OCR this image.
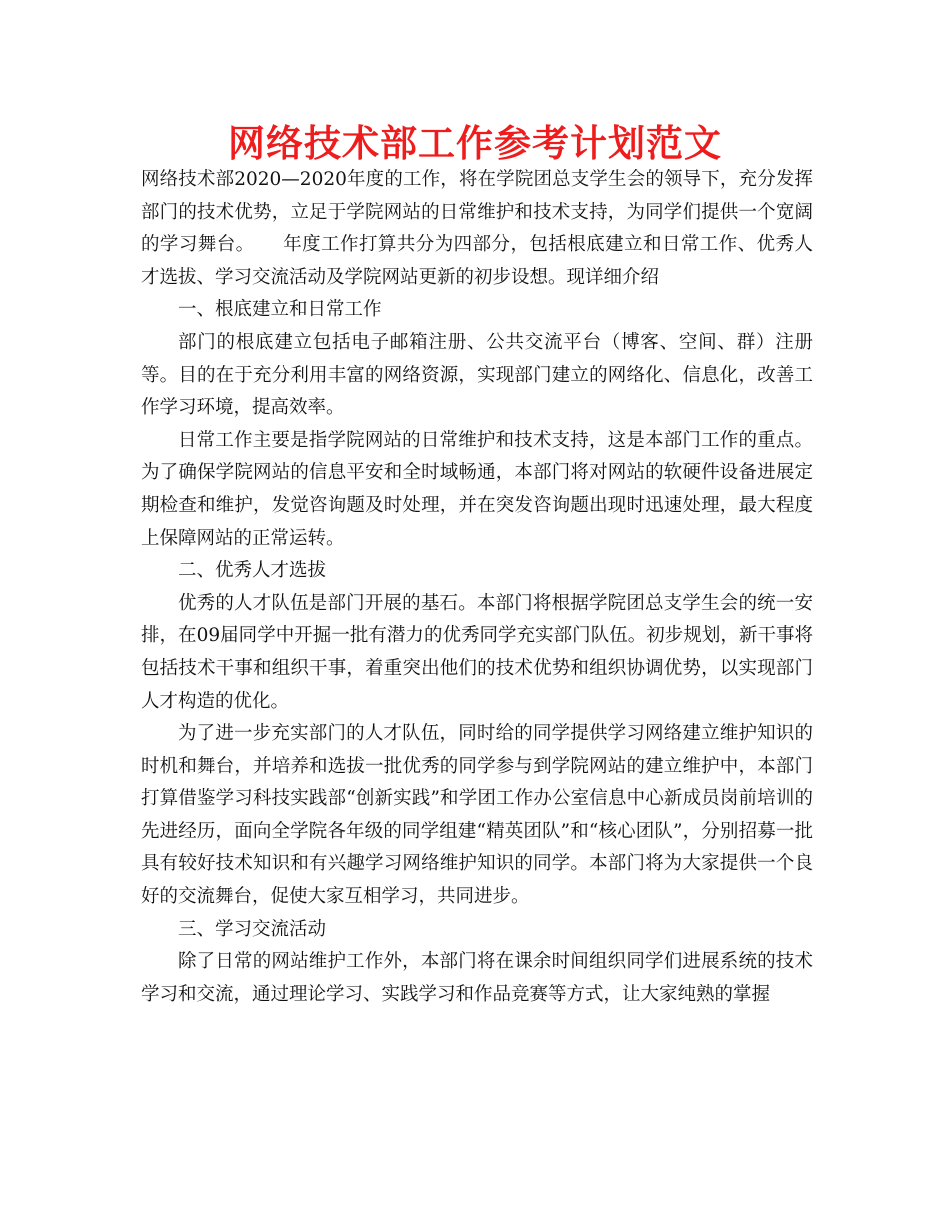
网络技术部工作参考计划范文

网络技术部2020—2020年度的工作，将在学院团总支学生会的领导下，充分发挥部门的技术优势，立足于学院网站的日常维护和技术支持，为同学们提供一个宽阔的学习舞台。　　年度工作打算共分为四部分，包括根底建立和日常工作、优秀人才选拔、学习交流活动及学院网站更新的初步设想。现详细介绍

一、根底建立和日常工作

部门的根底建立包括电子邮箱注册、公共交流平台（博客、空间、群）注册等。目的在于充分利用丰富的网络资源，实现部门建立的网络化、信息化，改善工作学习环境，提高效率。

日常工作主要是指学院网站的日常维护和技术支持，这是本部门工作的重点。为了确保学院网站的信息平安和全时域畅通，本部门将对网站的软硬件设备进展定期检查和维护，发觉咨询题及时处理，并在突发咨询题出现时迅速处理，最大程度上保障网站的正常运转。

二、优秀人才选拔

优秀的人才队伍是部门开展的基石。本部门将根据学院团总支学生会的统一安排，在09届同学中开掘一批有潜力的优秀同学充实部门队伍。初步规划，新干事将包括技术干事和组织干事，着重突出他们的技术优势和组织协调优势，以实现部门人才构造的优化。

为了进一步充实部门的人才队伍，同时给的同学提供学习网络建立维护知识的时机和舞台，并培养和选拔一批优秀的同学参与到学院网站的建立维护中，本部门打算借鉴学习科技实践部“创新实践”和学团工作办公室信息中心新成员岗前培训的先进经历，面向全学院各年级的同学组建“精英团队”和“核心团队”，分别招募一批具有较好技术知识和有兴趣学习网络维护知识的同学。本部门将为大家提供一个良好的交流舞台，促使大家互相学习，共同进步。

三、学习交流活动

除了日常的网站维护工作外，本部门将在课余时间组织同学们进展系统的技术学习和交流，通过理论学习、实践学习和作品竞赛等方式，让大家纯熟的掌握
